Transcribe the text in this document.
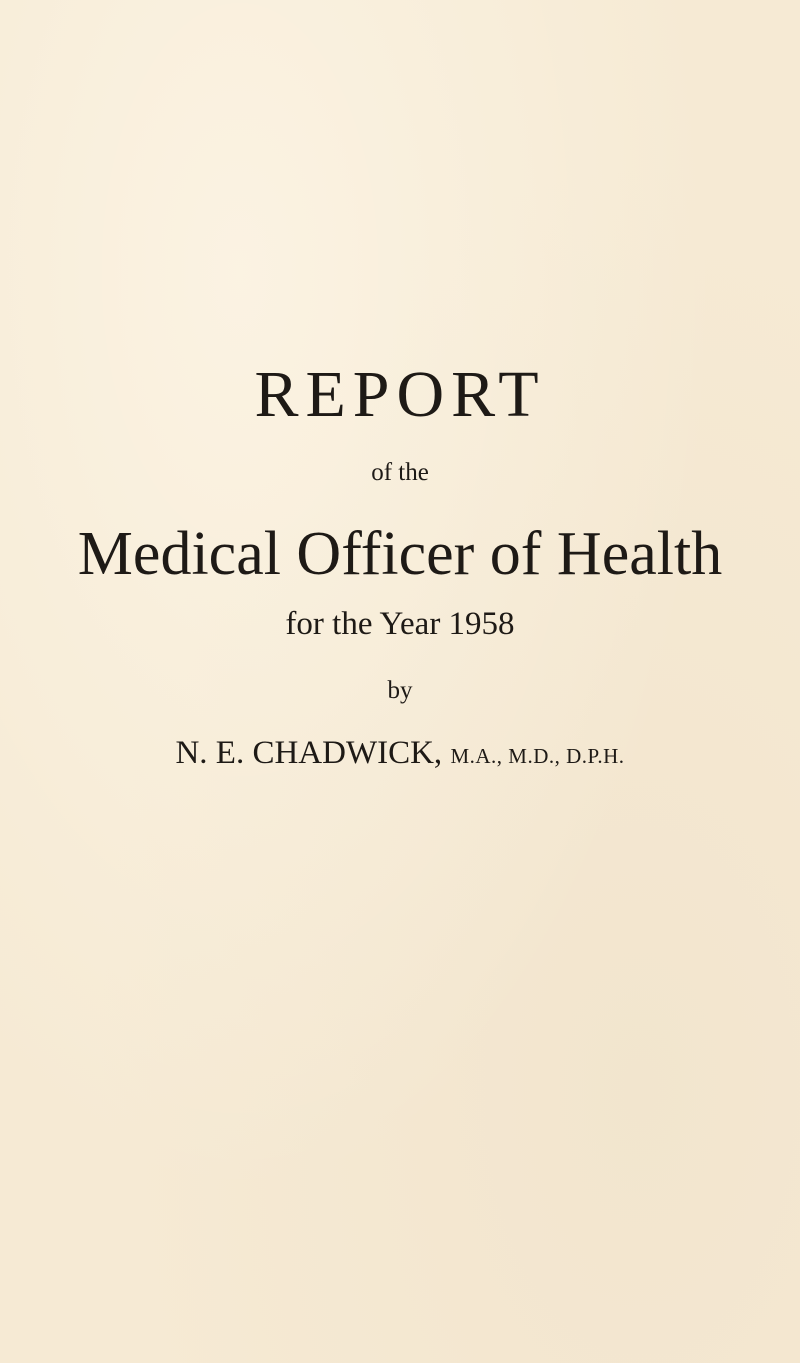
REPORT
of the
Medical Officer of Health
for the Year 1958
by
N. E. CHADWICK, M.A., M.D., D.P.H.
